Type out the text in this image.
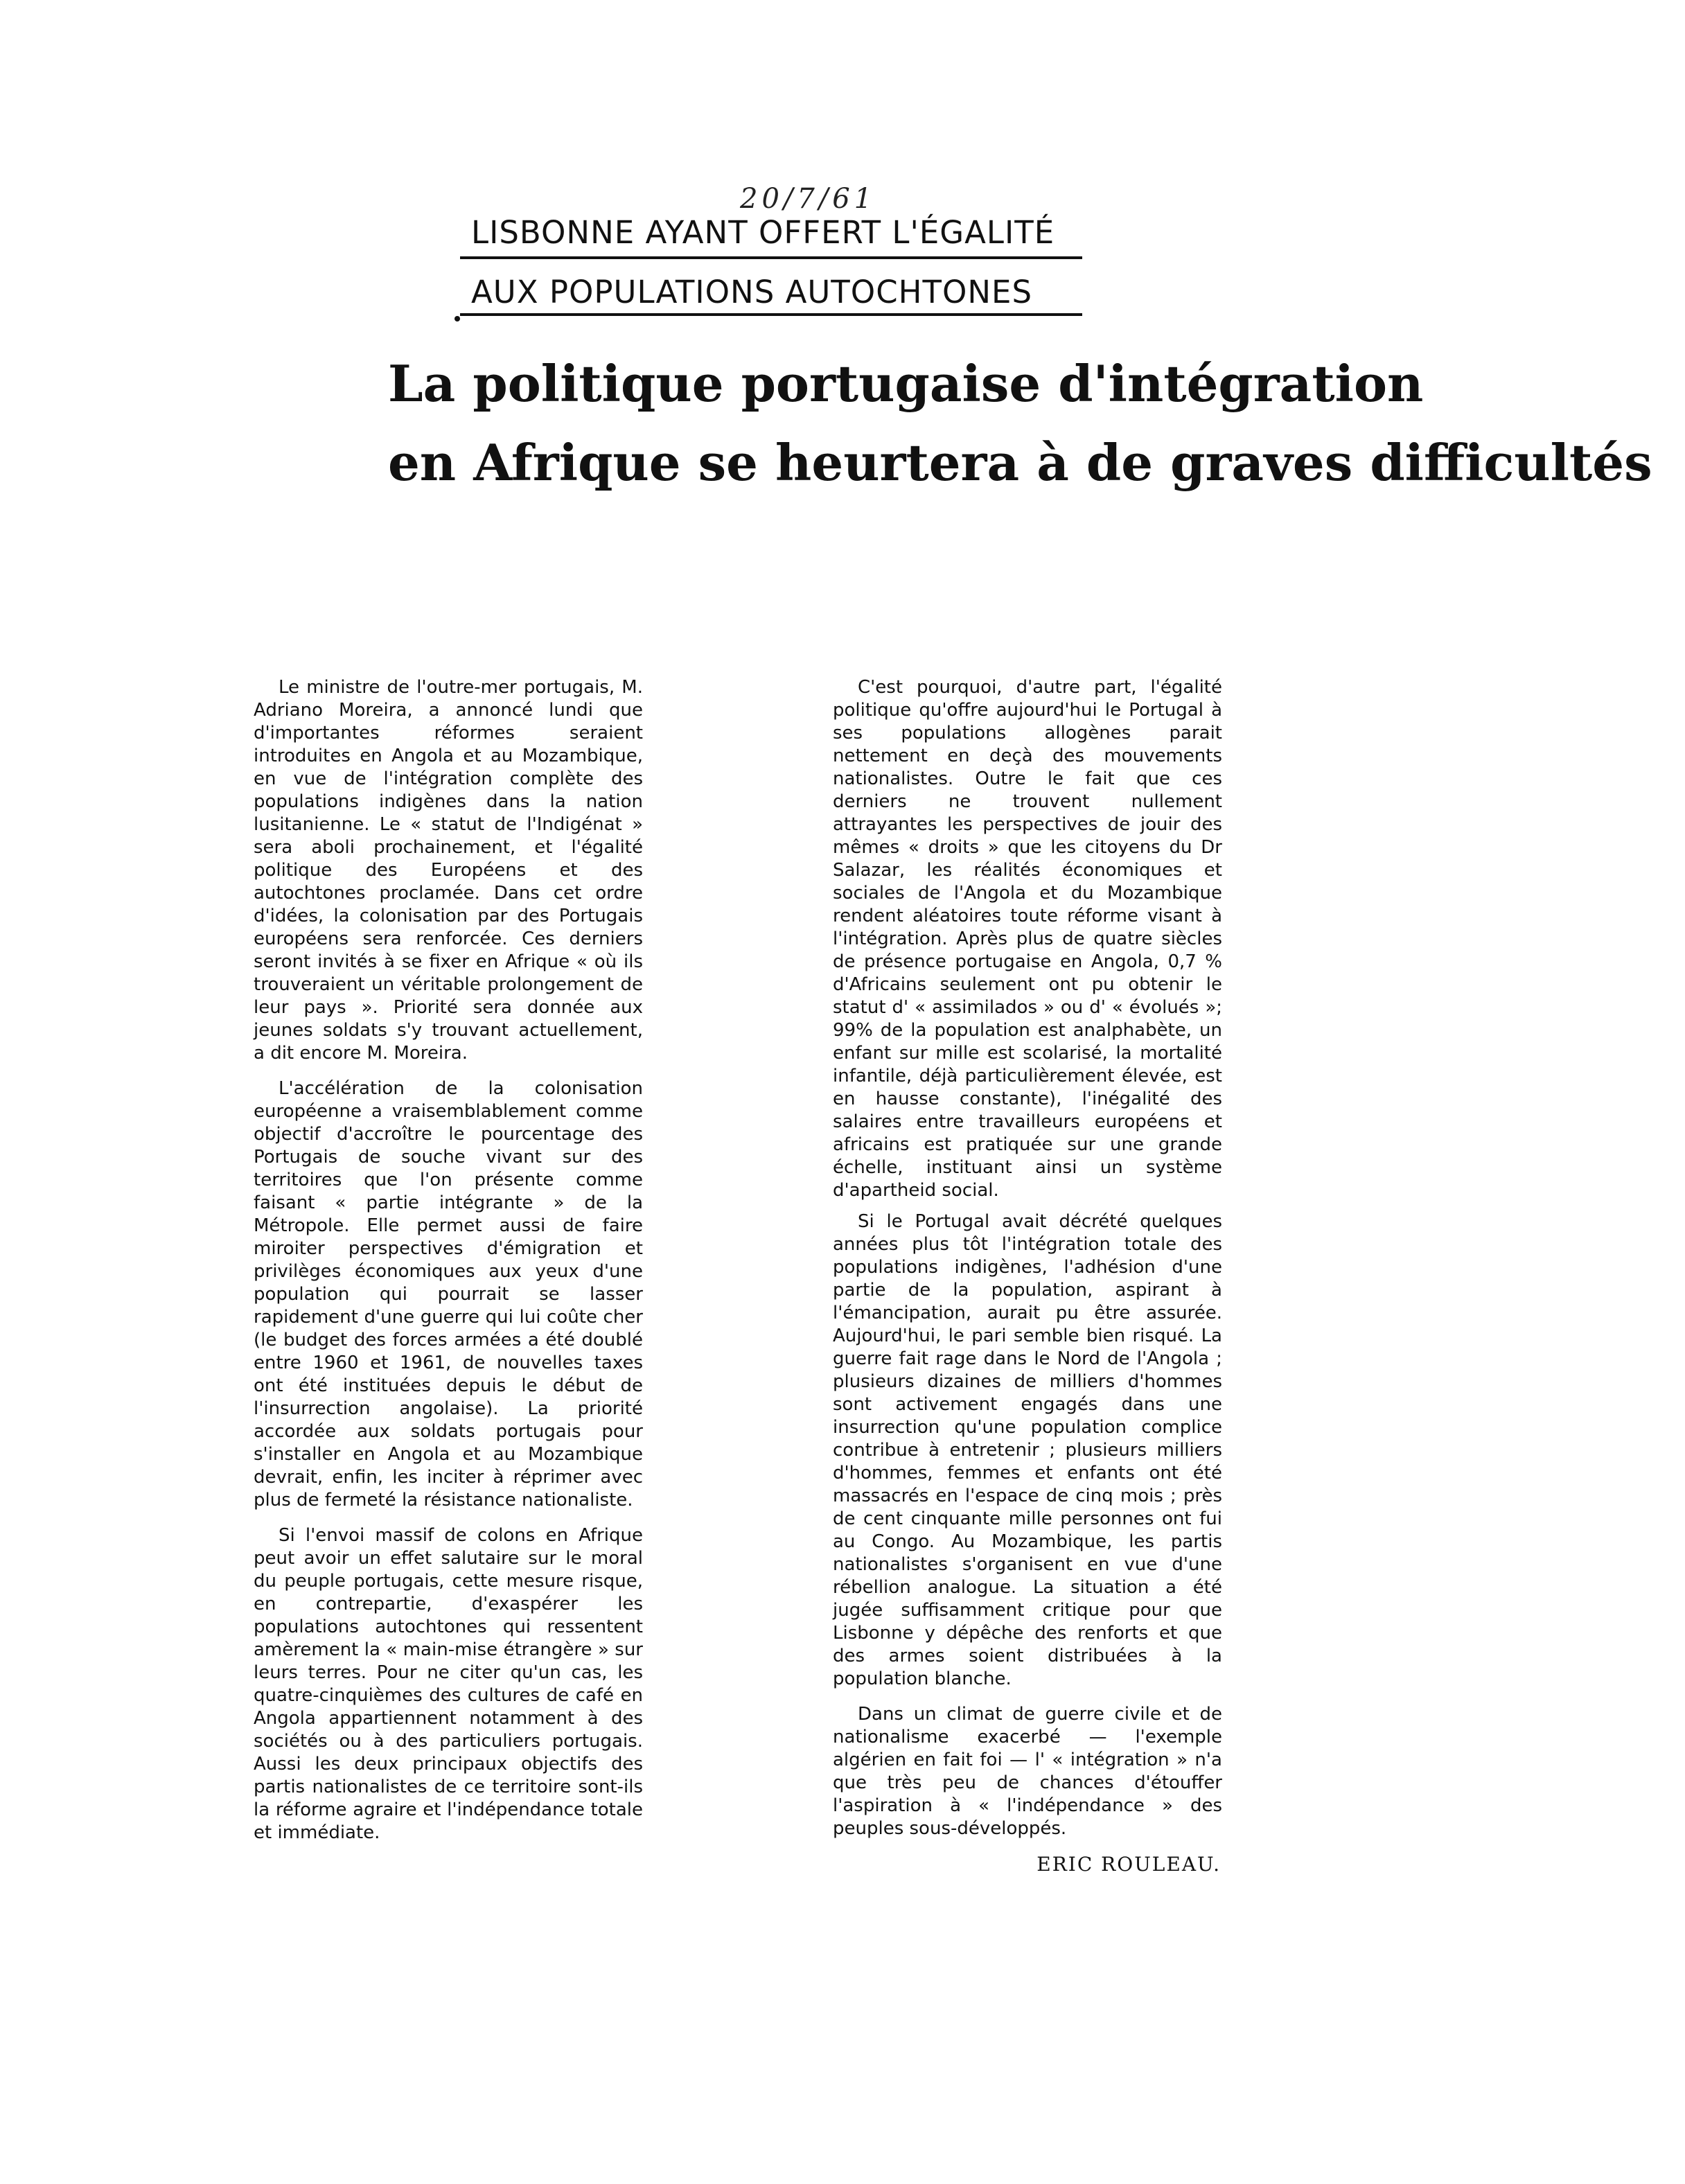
20/7/61
LISBONNE AYANT OFFERT L'ÉGALITÉ
AUX POPULATIONS AUTOCHTONES
La politique portugaise d'intégration
en Afrique se heurtera à de graves difficultés

Le ministre de l'outre-mer portugais, M. Adriano Moreira, a annoncé lundi que d'importantes réformes seraient introduites en Angola et au Mozambique, en vue de l'intégration complète des populations indigènes dans la nation lusitanienne. Le « statut de l'Indigénat » sera aboli prochainement, et l'égalité politique des Européens et des autochtones proclamée. Dans cet ordre d'idées, la colonisation par des Portugais européens sera renforcée. Ces derniers seront invités à se fixer en Afrique « où ils trouveraient un véritable prolongement de leur pays ». Priorité sera donnée aux jeunes soldats s'y trouvant actuellement, a dit encore M. Moreira.

L'accélération de la colonisation européenne a vraisemblablement comme objectif d'accroître le pourcentage des Portugais de souche vivant sur des territoires que l'on présente comme faisant « partie intégrante » de la Métropole. Elle permet aussi de faire miroiter perspectives d'émigration et privilèges économiques aux yeux d'une population qui pourrait se lasser rapidement d'une guerre qui lui coûte cher (le budget des forces armées a été doublé entre 1960 et 1961, de nouvelles taxes ont été instituées depuis le début de l'insurrection angolaise). La priorité accordée aux soldats portugais pour s'installer en Angola et au Mozambique devrait, enfin, les inciter à réprimer avec plus de fermeté la résistance nationaliste.

Si l'envoi massif de colons en Afrique peut avoir un effet salutaire sur le moral du peuple portugais, cette mesure risque, en contrepartie, d'exaspérer les populations autochtones qui ressentent amèrement la « main-mise étrangère » sur leurs terres. Pour ne citer qu'un cas, les quatre-cinquièmes des cultures de café en Angola appartiennent notamment à des sociétés ou à des particuliers portugais. Aussi les deux principaux objectifs des partis nationalistes de ce territoire sont-ils la réforme agraire et l'indépendance totale et immédiate.

C'est pourquoi, d'autre part, l'égalité politique qu'offre aujourd'hui le Portugal à ses populations allogènes parait nettement en deçà des mouvements nationalistes. Outre le fait que ces derniers ne trouvent nullement attrayantes les perspectives de jouir des mêmes « droits » que les citoyens du Dr Salazar, les réalités économiques et sociales de l'Angola et du Mozambique rendent aléatoires toute réforme visant à l'intégration. Après plus de quatre siècles de présence portugaise en Angola, 0,7 % d'Africains seulement ont pu obtenir le statut d' « assimilados » ou d' « évolués »; 99% de la population est analphabète, un enfant sur mille est scolarisé, la mortalité infantile, déjà particulièrement élevée, est en hausse constante), l'inégalité des salaires entre travailleurs européens et africains est pratiquée sur une grande échelle, instituant ainsi un système d'apartheid social.

Si le Portugal avait décrété quelques années plus tôt l'intégration totale des populations indigènes, l'adhésion d'une partie de la population, aspirant à l'émancipation, aurait pu être assurée. Aujourd'hui, le pari semble bien risqué. La guerre fait rage dans le Nord de l'Angola ; plusieurs dizaines de milliers d'hommes sont activement engagés dans une insurrection qu'une population complice contribue à entretenir ; plusieurs milliers d'hommes, femmes et enfants ont été massacrés en l'espace de cinq mois ; près de cent cinquante mille personnes ont fui au Congo. Au Mozambique, les partis nationalistes s'organisent en vue d'une rébellion analogue. La situation a été jugée suffisamment critique pour que Lisbonne y dépêche des renforts et que des armes soient distribuées à la population blanche.

Dans un climat de guerre civile et de nationalisme exacerbé — l'exemple algérien en fait foi — l' « intégration » n'a que très peu de chances d'étouffer l'aspiration à « l'indépendance » des peuples sous-développés.

ERIC ROULEAU.
